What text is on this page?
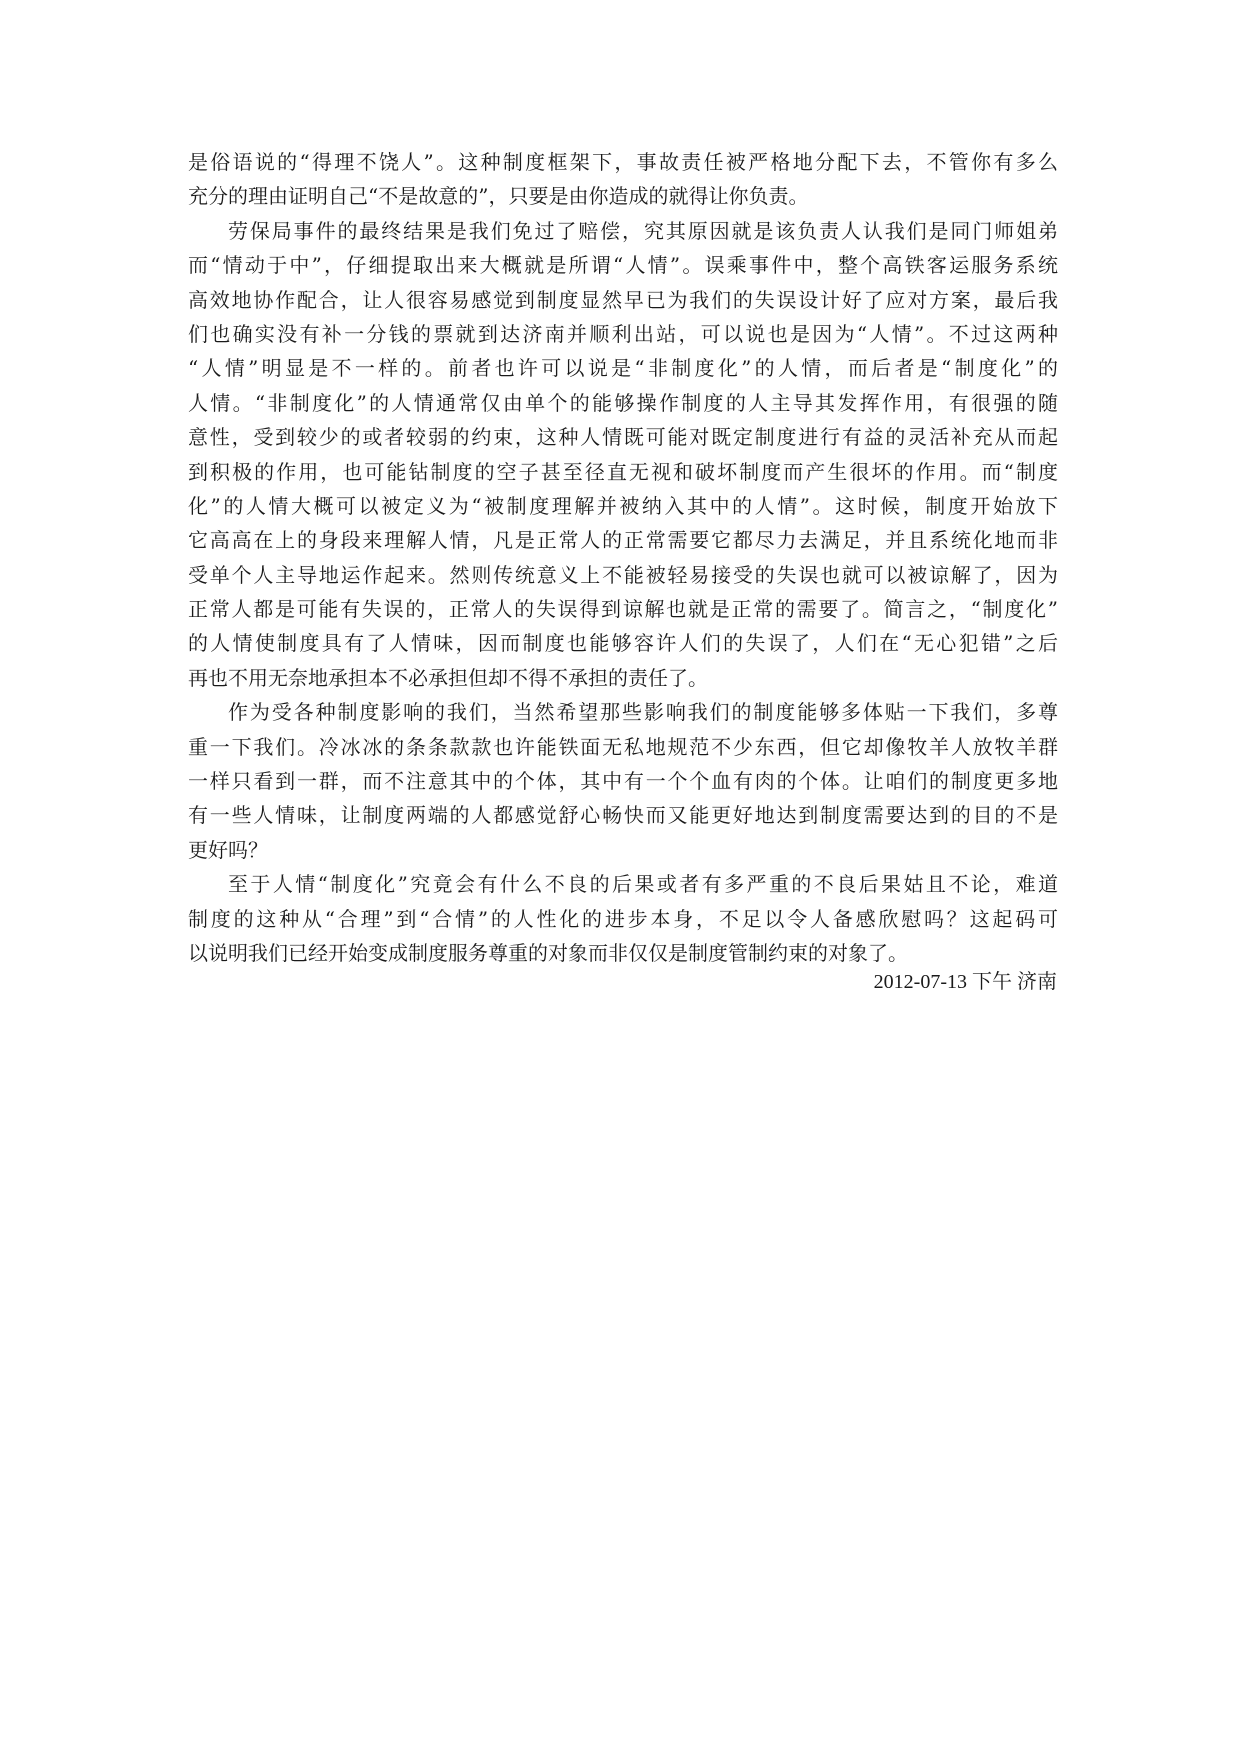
是俗语说的“得理不饶人”。这种制度框架下，事故责任被严格地分配下去，不管你有多么
充分的理由证明自己“不是故意的”，只要是由你造成的就得让你负责。
劳保局事件的最终结果是我们免过了赔偿，究其原因就是该负责人认我们是同门师姐弟
而“情动于中”，仔细提取出来大概就是所谓“人情”。误乘事件中，整个高铁客运服务系统
高效地协作配合，让人很容易感觉到制度显然早已为我们的失误设计好了应对方案，最后我
们也确实没有补一分钱的票就到达济南并顺利出站，可以说也是因为“人情”。不过这两种
“人情”明显是不一样的。前者也许可以说是“非制度化”的人情，而后者是“制度化”的
人情。“非制度化”的人情通常仅由单个的能够操作制度的人主导其发挥作用，有很强的随
意性，受到较少的或者较弱的约束，这种人情既可能对既定制度进行有益的灵活补充从而起
到积极的作用，也可能钻制度的空子甚至径直无视和破坏制度而产生很坏的作用。而“制度
化”的人情大概可以被定义为“被制度理解并被纳入其中的人情”。这时候，制度开始放下
它高高在上的身段来理解人情，凡是正常人的正常需要它都尽力去满足，并且系统化地而非
受单个人主导地运作起来。然则传统意义上不能被轻易接受的失误也就可以被谅解了，因为
正常人都是可能有失误的，正常人的失误得到谅解也就是正常的需要了。简言之，“制度化”
的人情使制度具有了人情味，因而制度也能够容许人们的失误了，人们在“无心犯错”之后
再也不用无奈地承担本不必承担但却不得不承担的责任了。
作为受各种制度影响的我们，当然希望那些影响我们的制度能够多体贴一下我们，多尊
重一下我们。冷冰冰的条条款款也许能铁面无私地规范不少东西，但它却像牧羊人放牧羊群
一样只看到一群，而不注意其中的个体，其中有一个个血有肉的个体。让咱们的制度更多地
有一些人情味，让制度两端的人都感觉舒心畅快而又能更好地达到制度需要达到的目的不是
更好吗？
至于人情“制度化”究竟会有什么不良的后果或者有多严重的不良后果姑且不论，难道
制度的这种从“合理”到“合情”的人性化的进步本身，不足以令人备感欣慰吗？这起码可
以说明我们已经开始变成制度服务尊重的对象而非仅仅是制度管制约束的对象了。
2012-07-13 下午 济南
